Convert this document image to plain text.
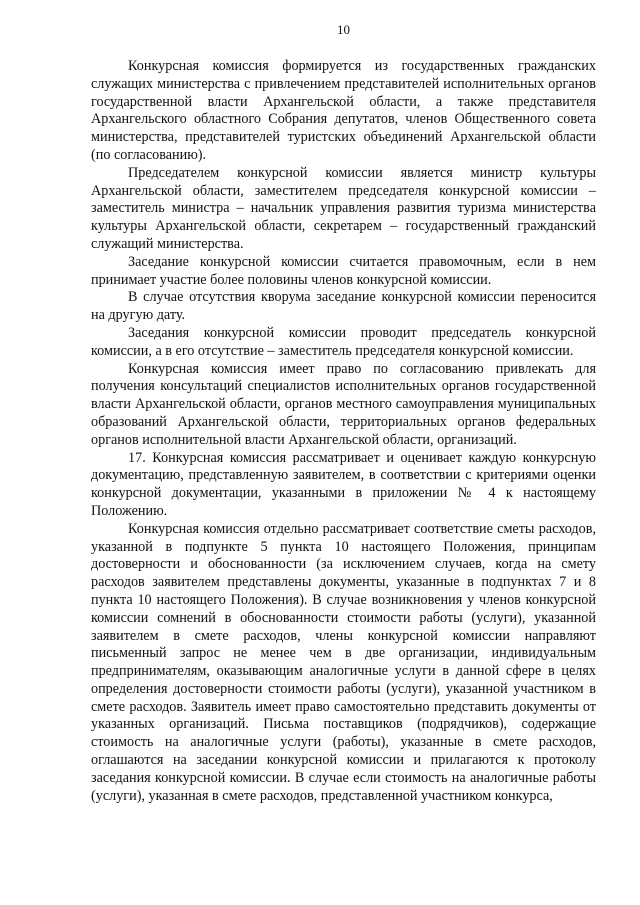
10

Конкурсная комиссия формируется из государственных гражданских служащих министерства с привлечением представителей исполнительных органов государственной власти Архангельской области, а также представителя Архангельского областного Собрания депутатов, членов Общественного совета министерства, представителей туристских объединений Архангельской области (по согласованию).

Председателем конкурсной комиссии является министр культуры Архангельской области, заместителем председателя конкурсной комиссии – заместитель министра – начальник управления развития туризма министерства культуры Архангельской области, секретарем – государственный гражданский служащий министерства.

Заседание конкурсной комиссии считается правомочным, если в нем принимает участие более половины членов конкурсной комиссии.

В случае отсутствия кворума заседание конкурсной комиссии переносится на другую дату.

Заседания конкурсной комиссии проводит председатель конкурсной комиссии, а в его отсутствие – заместитель председателя конкурсной комиссии.

Конкурсная комиссия имеет право по согласованию привлекать для получения консультаций специалистов исполнительных органов государственной власти Архангельской области, органов местного самоуправления муниципальных образований Архангельской области, территориальных органов федеральных органов исполнительной власти Архангельской области, организаций.

17. Конкурсная комиссия рассматривает и оценивает каждую конкурсную документацию, представленную заявителем, в соответствии с критериями оценки конкурсной документации, указанными в приложении № 4 к настоящему Положению.

Конкурсная комиссия отдельно рассматривает соответствие сметы расходов, указанной в подпункте 5 пункта 10 настоящего Положения, принципам достоверности и обоснованности (за исключением случаев, когда на смету расходов заявителем представлены документы, указанные в подпунктах 7 и 8 пункта 10 настоящего Положения). В случае возникновения у членов конкурсной комиссии сомнений в обоснованности стоимости работы (услуги), указанной заявителем в смете расходов, члены конкурсной комиссии направляют письменный запрос не менее чем в две организации, индивидуальным предпринимателям, оказывающим аналогичные услуги в данной сфере в целях определения достоверности стоимости работы (услуги), указанной участником в смете расходов. Заявитель имеет право самостоятельно представить документы от указанных организаций. Письма поставщиков (подрядчиков), содержащие стоимость на аналогичные услуги (работы), указанные в смете расходов, оглашаются на заседании конкурсной комиссии и прилагаются к протоколу заседания конкурсной комиссии. В случае если стоимость на аналогичные работы (услуги), указанная в смете расходов, представленной участником конкурса,
